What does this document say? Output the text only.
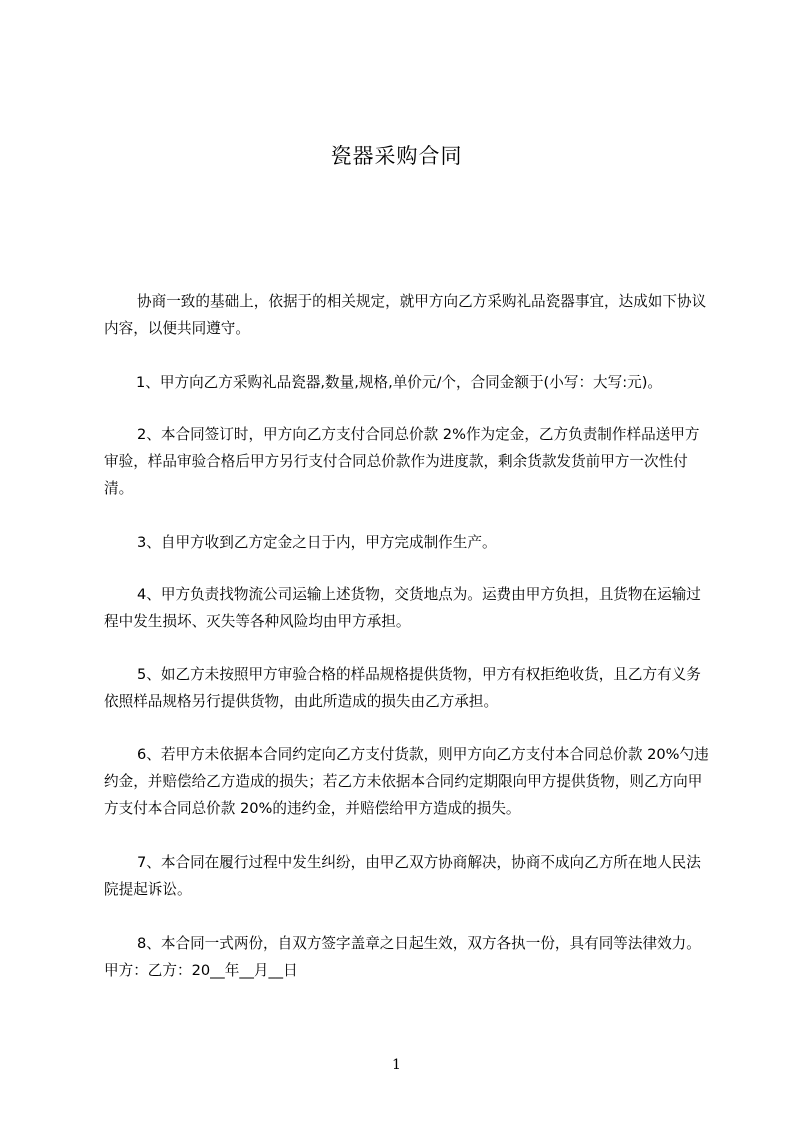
瓷器采购合同
协商一致的基础上，依据于的相关规定，就甲方向乙方采购礼品瓷器事宜，达成如下协议内容，以便共同遵守。
1、甲方向乙方采购礼品瓷器,数量,规格,单价元/个，合同金额于(小写：大写:元)。
2、本合同签订时，甲方向乙方支付合同总价款 2%作为定金，乙方负责制作样品送甲方审验，样品审验合格后甲方另行支付合同总价款作为进度款，剩余货款发货前甲方一次性付清。
3、自甲方收到乙方定金之日于内，甲方完成制作生产。
4、甲方负责找物流公司运输上述货物，交货地点为。运费由甲方负担，且货物在运输过程中发生损坏、灭失等各种风险均由甲方承担。
5、如乙方未按照甲方审验合格的样品规格提供货物，甲方有权拒绝收货，且乙方有义务依照样品规格另行提供货物，由此所造成的损失由乙方承担。
6、若甲方未依据本合同约定向乙方支付货款，则甲方向乙方支付本合同总价款 20%勺违约金，并赔偿给乙方造成的损失；若乙方未依据本合同约定期限向甲方提供货物，则乙方向甲方支付本合同总价款 20%的违约金，并赔偿给甲方造成的损失。
7、本合同在履行过程中发生纠纷，由甲乙双方协商解决，协商不成向乙方所在地人民法院提起诉讼。
8、本合同一式两份，自双方签字盖章之日起生效，双方各执一份，具有同等法律效力。甲方：乙方：20__年__月__日
1
